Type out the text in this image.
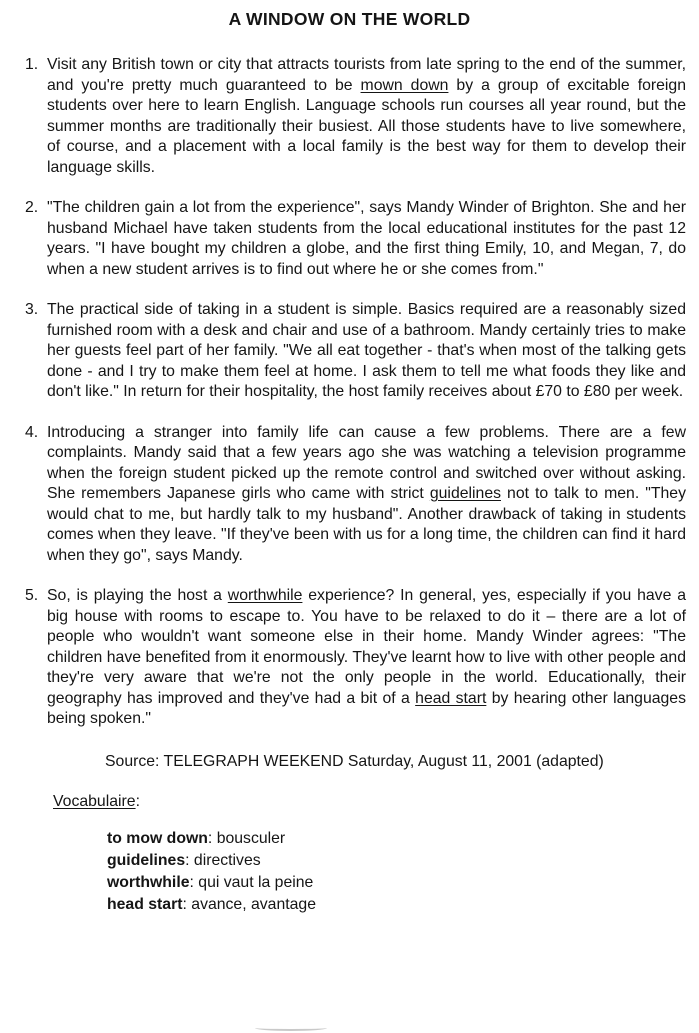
A WINDOW ON THE WORLD
1. Visit any British town or city that attracts tourists from late spring to the end of the summer, and you're pretty much guaranteed to be mown down by a group of excitable foreign students over here to learn English. Language schools run courses all year round, but the summer months are traditionally their busiest. All those students have to live somewhere, of course, and a placement with a local family is the best way for them to develop their language skills.
2. "The children gain a lot from the experience", says Mandy Winder of Brighton. She and her husband Michael have taken students from the local educational institutes for the past 12 years. "I have bought my children a globe, and the first thing Emily, 10, and Megan, 7, do when a new student arrives is to find out where he or she comes from."
3. The practical side of taking in a student is simple. Basics required are a reasonably sized furnished room with a desk and chair and use of a bathroom. Mandy certainly tries to make her guests feel part of her family. "We all eat together - that's when most of the talking gets done - and I try to make them feel at home. I ask them to tell me what foods they like and don't like." In return for their hospitality, the host family receives about £70 to £80 per week.
4. Introducing a stranger into family life can cause a few problems. There are a few complaints. Mandy said that a few years ago she was watching a television programme when the foreign student picked up the remote control and switched over without asking. She remembers Japanese girls who came with strict guidelines not to talk to men. "They would chat to me, but hardly talk to my husband". Another drawback of taking in students comes when they leave. "If they've been with us for a long time, the children can find it hard when they go", says Mandy.
5. So, is playing the host a worthwhile experience? In general, yes, especially if you have a big house with rooms to escape to. You have to be relaxed to do it – there are a lot of people who wouldn't want someone else in their home. Mandy Winder agrees: "The children have benefited from it enormously. They've learnt how to live with other people and they're very aware that we're not the only people in the world. Educationally, their geography has improved and they've had a bit of a head start by hearing other languages being spoken."
Source: TELEGRAPH WEEKEND Saturday, August 11, 2001 (adapted)
Vocabulaire:
to mow down: bousculer
guidelines: directives
worthwhile: qui vaut la peine
head start: avance, avantage
